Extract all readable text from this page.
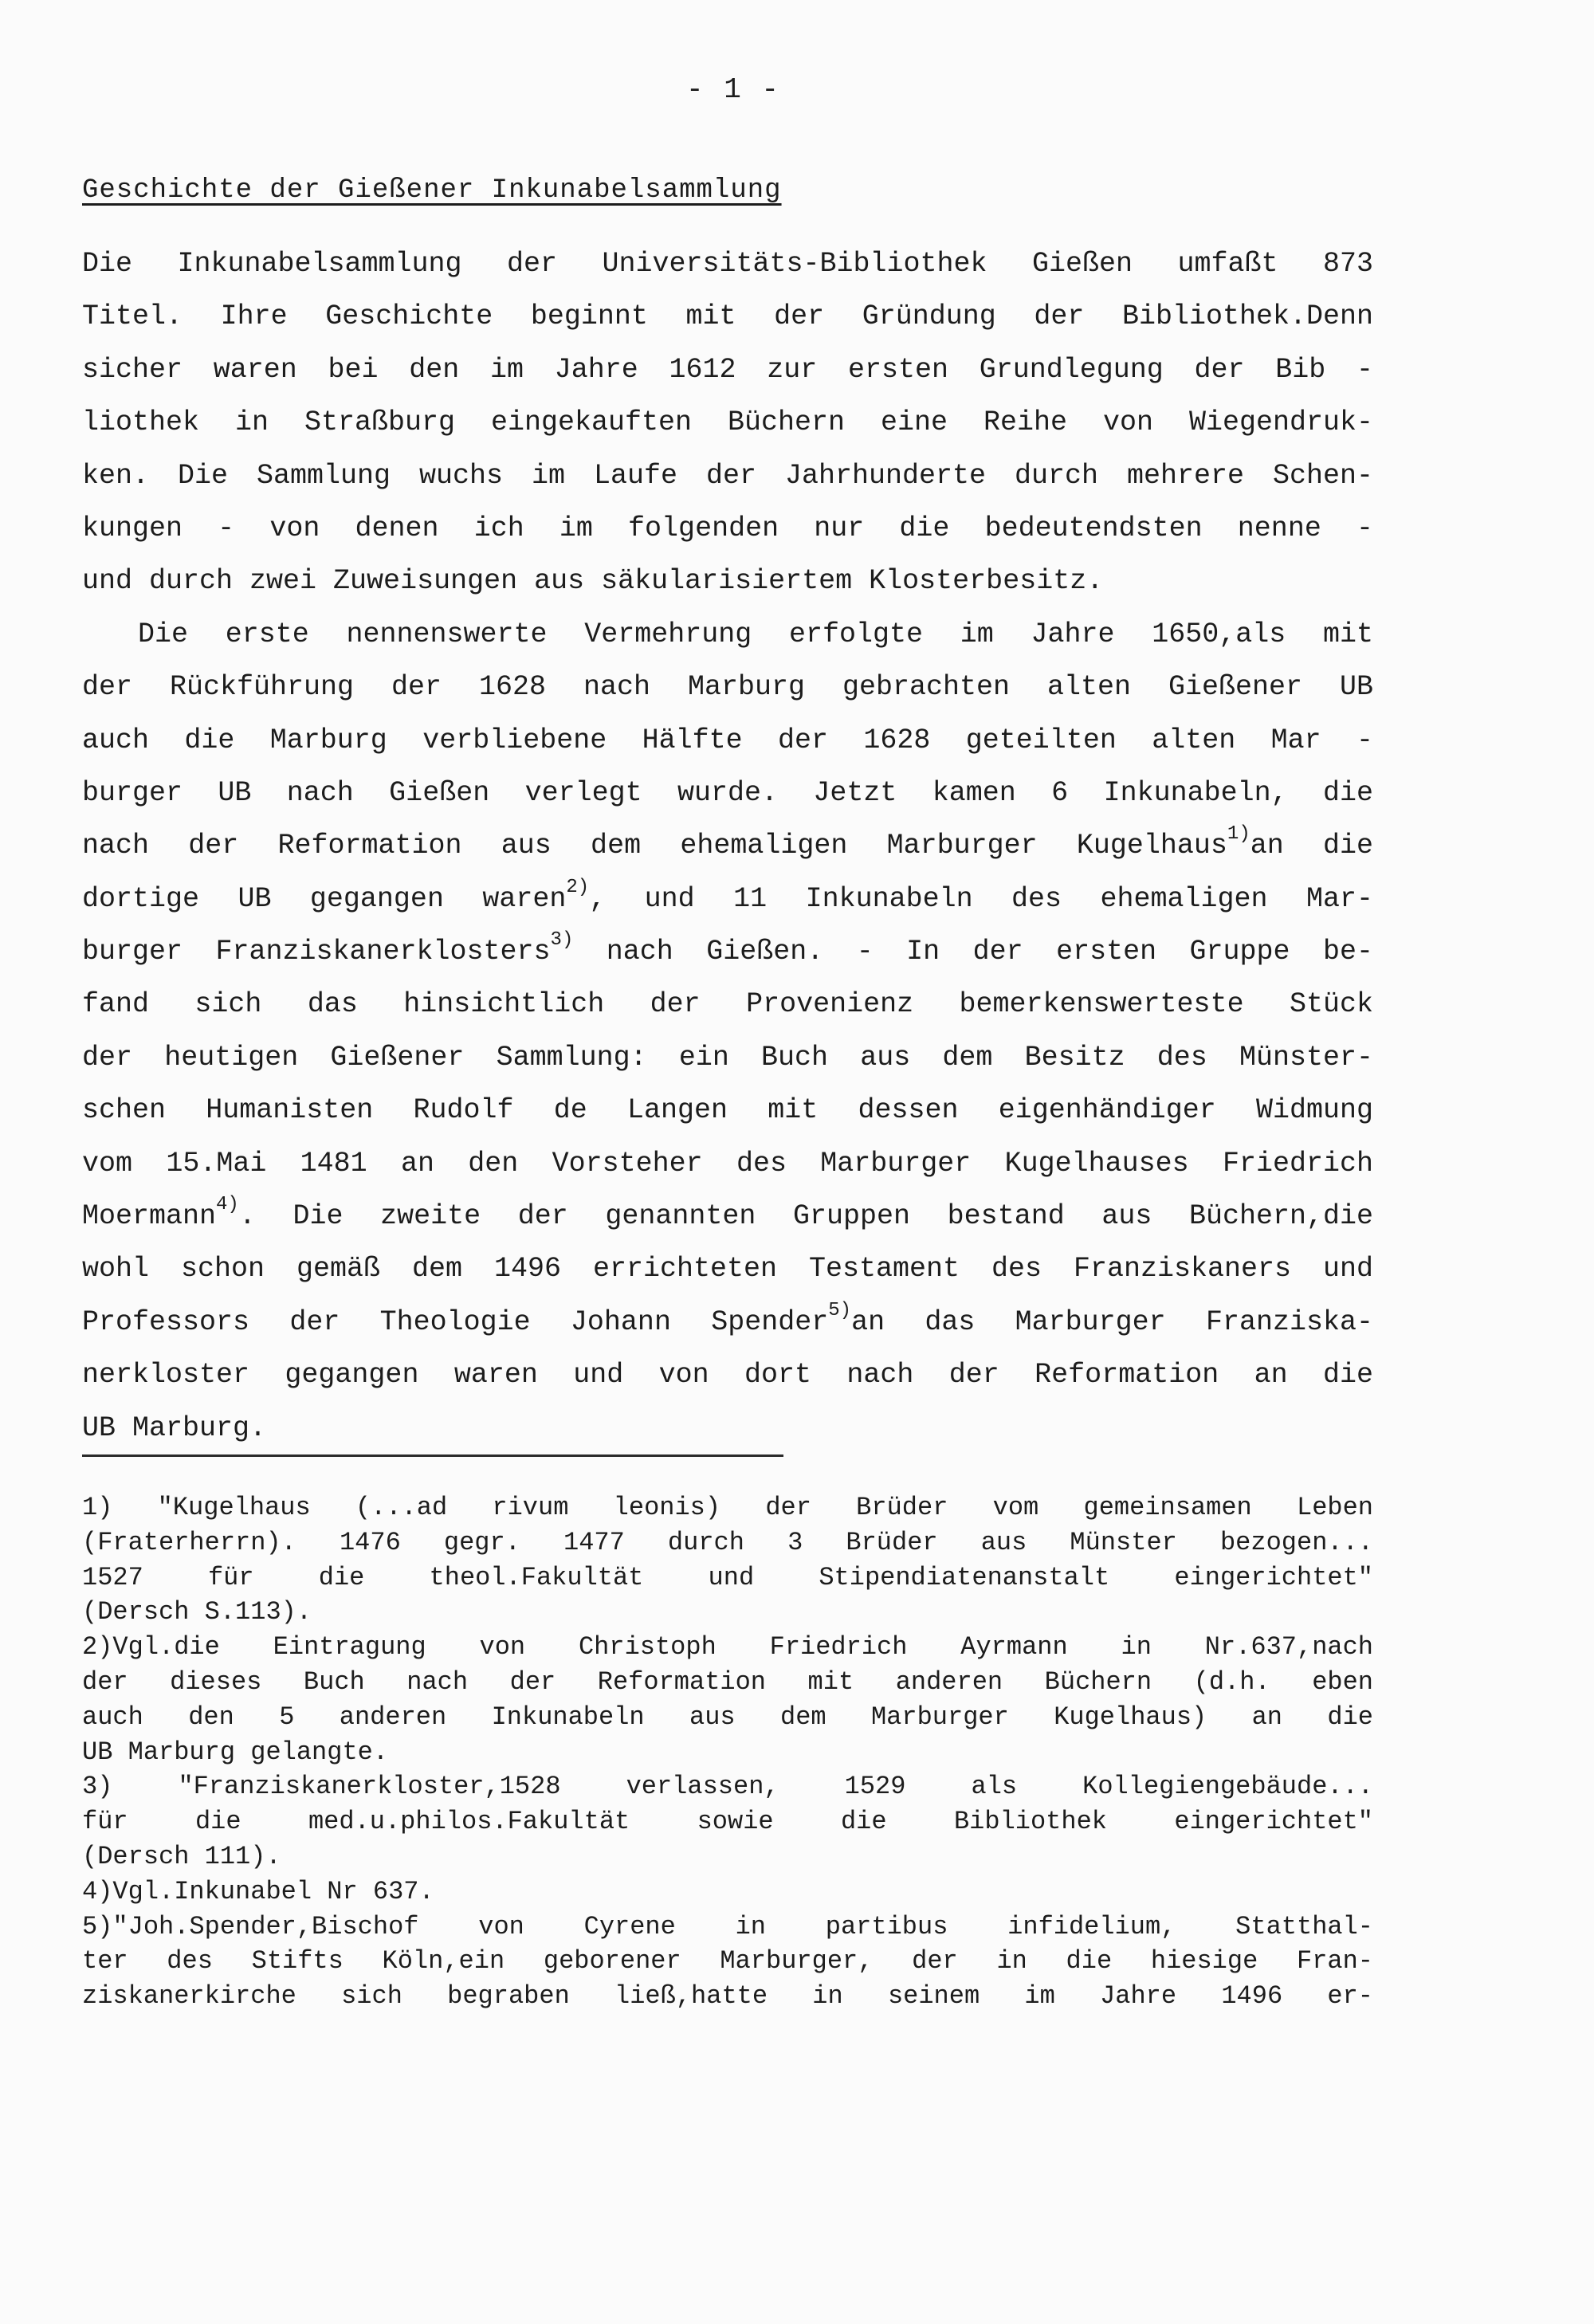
- 1 -
Geschichte der Gießener Inkunabelsammlung
Die Inkunabelsammlung der Universitäts-Bibliothek Gießen umfaßt 873
Titel. Ihre Geschichte beginnt mit der Gründung der Bibliothek.Denn
sicher waren bei den im Jahre 1612 zur ersten Grundlegung der Bib -
liothek in Straßburg eingekauften Büchern eine Reihe von Wiegendruk-
ken. Die Sammlung wuchs im Laufe der Jahrhunderte durch mehrere Schen-
kungen - von denen ich im folgenden nur die bedeutendsten nenne -
und durch zwei Zuweisungen aus säkularisiertem Klosterbesitz.
Die erste nennenswerte Vermehrung erfolgte im Jahre 1650,als mit
der Rückführung der 1628 nach Marburg gebrachten alten Gießener UB
auch die Marburg verbliebene Hälfte der 1628 geteilten alten Mar -
burger UB nach Gießen verlegt wurde. Jetzt kamen 6 Inkunabeln, die
nach der Reformation aus dem ehemaligen Marburger Kugelhaus$^{1)}$an die
dortige UB gegangen waren$^{2)}$, und 11 Inkunabeln des ehemaligen Mar-
burger Franziskanerklosters$^{3)}$ nach Gießen. - In der ersten Gruppe be-
fand sich das hinsichtlich der Provenienz bemerkenswerteste Stück
der heutigen Gießener Sammlung: ein Buch aus dem Besitz des Münster-
schen Humanisten Rudolf de Langen mit dessen eigenhändiger Widmung
vom 15.Mai 1481 an den Vorsteher des Marburger Kugelhauses Friedrich
Moermann$^{4)}$. Die zweite der genannten Gruppen bestand aus Büchern,die
wohl schon gemäß dem 1496 errichteten Testament des Franziskaners und
Professors der Theologie Johann Spender$^{5)}$an das Marburger Franziska-
nerkloster gegangen waren und von dort nach der Reformation an die
UB Marburg.
1) "Kugelhaus (...ad rivum leonis) der Brüder vom gemeinsamen Leben
(Fraterherrn). 1476 gegr. 1477 durch 3 Brüder aus Münster bezogen...
1527 für die theol.Fakultät und Stipendiatenanstalt eingerichtet"
(Dersch S.113).
2)Vgl.die Eintragung von Christoph Friedrich Ayrmann in Nr.637,nach
der dieses Buch nach der Reformation mit anderen Büchern (d.h. eben
auch den 5 anderen Inkunabeln aus dem Marburger Kugelhaus) an die
UB Marburg gelangte.
3) "Franziskanerkloster,1528 verlassen, 1529 als Kollegiengebäude...
für die med.u.philos.Fakultät sowie die Bibliothek eingerichtet"
(Dersch 111).
4)Vgl.Inkunabel Nr 637.
5)"Joh.Spender,Bischof von Cyrene in partibus infidelium, Statthal-
ter des Stifts Köln,ein geborener Marburger, der in die hiesige Fran-
ziskanerkirche sich begraben ließ,hatte in seinem im Jahre 1496 er-
